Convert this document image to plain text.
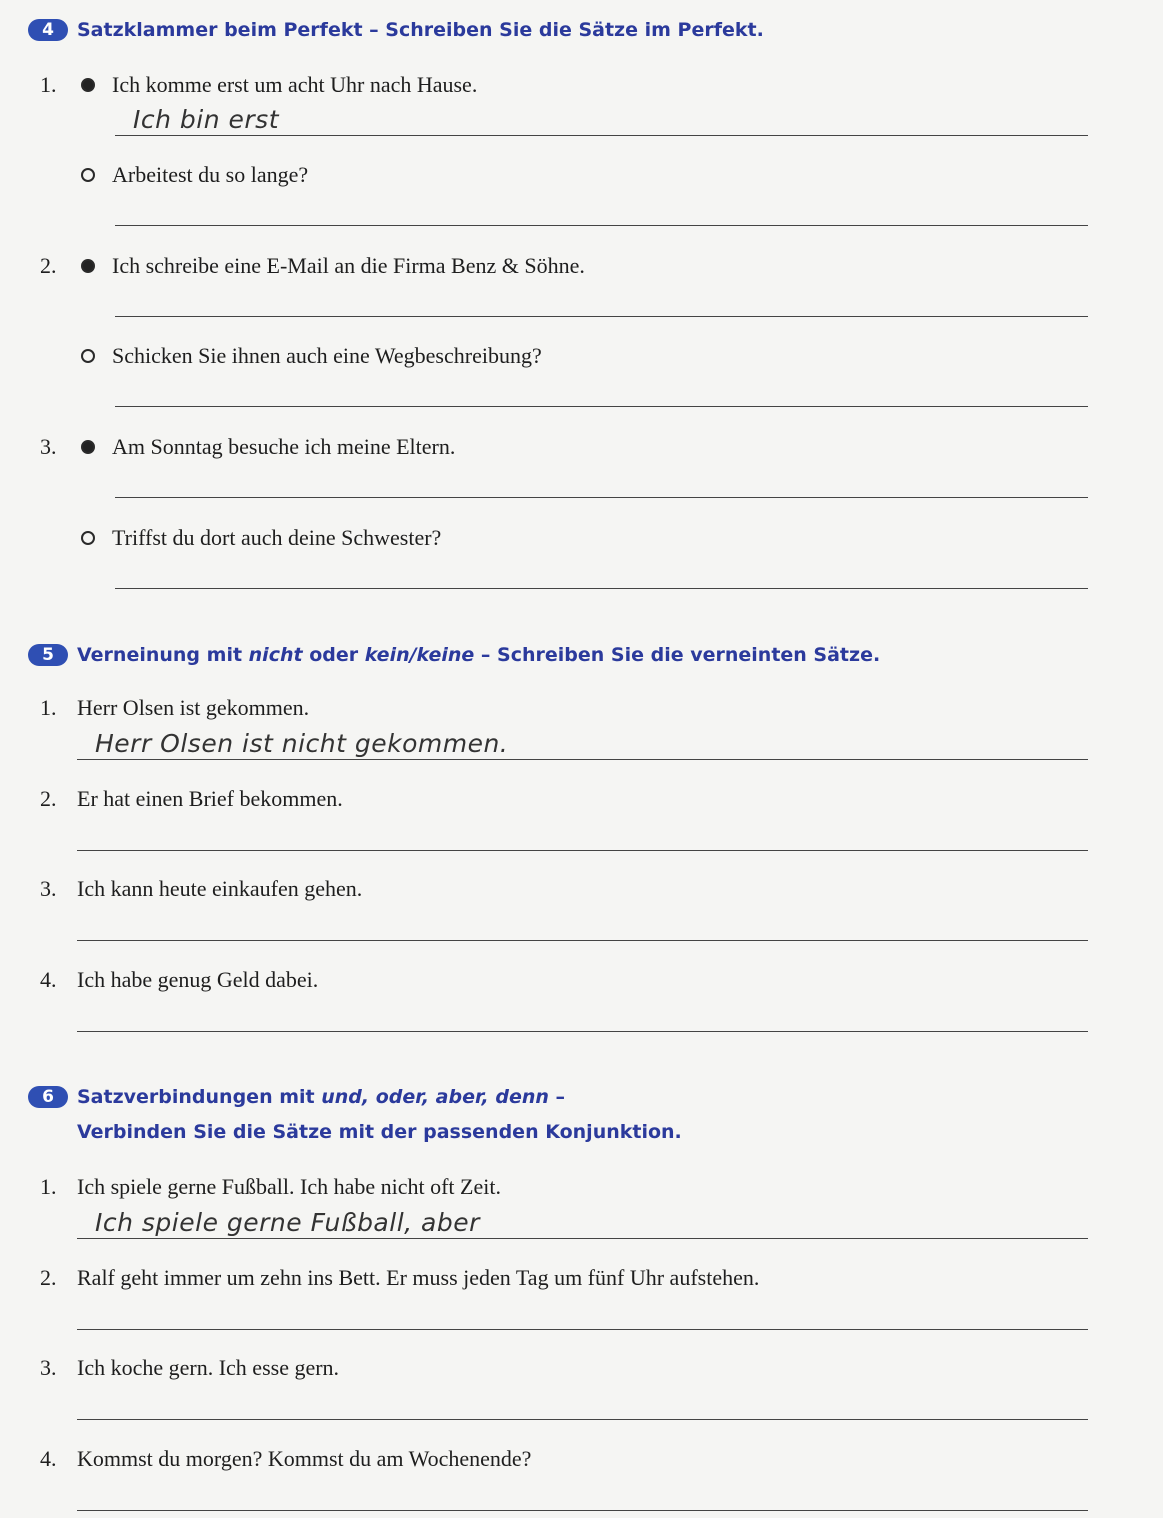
4 Satzklammer beim Perfekt – Schreiben Sie die Sätze im Perfekt.
1.	Ich komme erst um acht Uhr nach Hause.
Ich bin erst
Arbeitest du so lange?
2.	Ich schreibe eine E-Mail an die Firma Benz & Söhne.
Schicken Sie ihnen auch eine Wegbeschreibung?
3.	Am Sonntag besuche ich meine Eltern.
Triffst du dort auch deine Schwester?
5 Verneinung mit nicht oder kein/keine – Schreiben Sie die verneinten Sätze.
1. Herr Olsen ist gekommen.
Herr Olsen ist nicht gekommen.
2. Er hat einen Brief bekommen.
3. Ich kann heute einkaufen gehen.
4. Ich habe genug Geld dabei.
6 Satzverbindungen mit und, oder, aber, denn –
Verbinden Sie die Sätze mit der passenden Konjunktion.
1. Ich spiele gerne Fußball. Ich habe nicht oft Zeit.
Ich spiele gerne Fußball, aber
2. Ralf geht immer um zehn ins Bett. Er muss jeden Tag um fünf Uhr aufstehen.
3. Ich koche gern. Ich esse gern.
4. Kommst du morgen? Kommst du am Wochenende?
